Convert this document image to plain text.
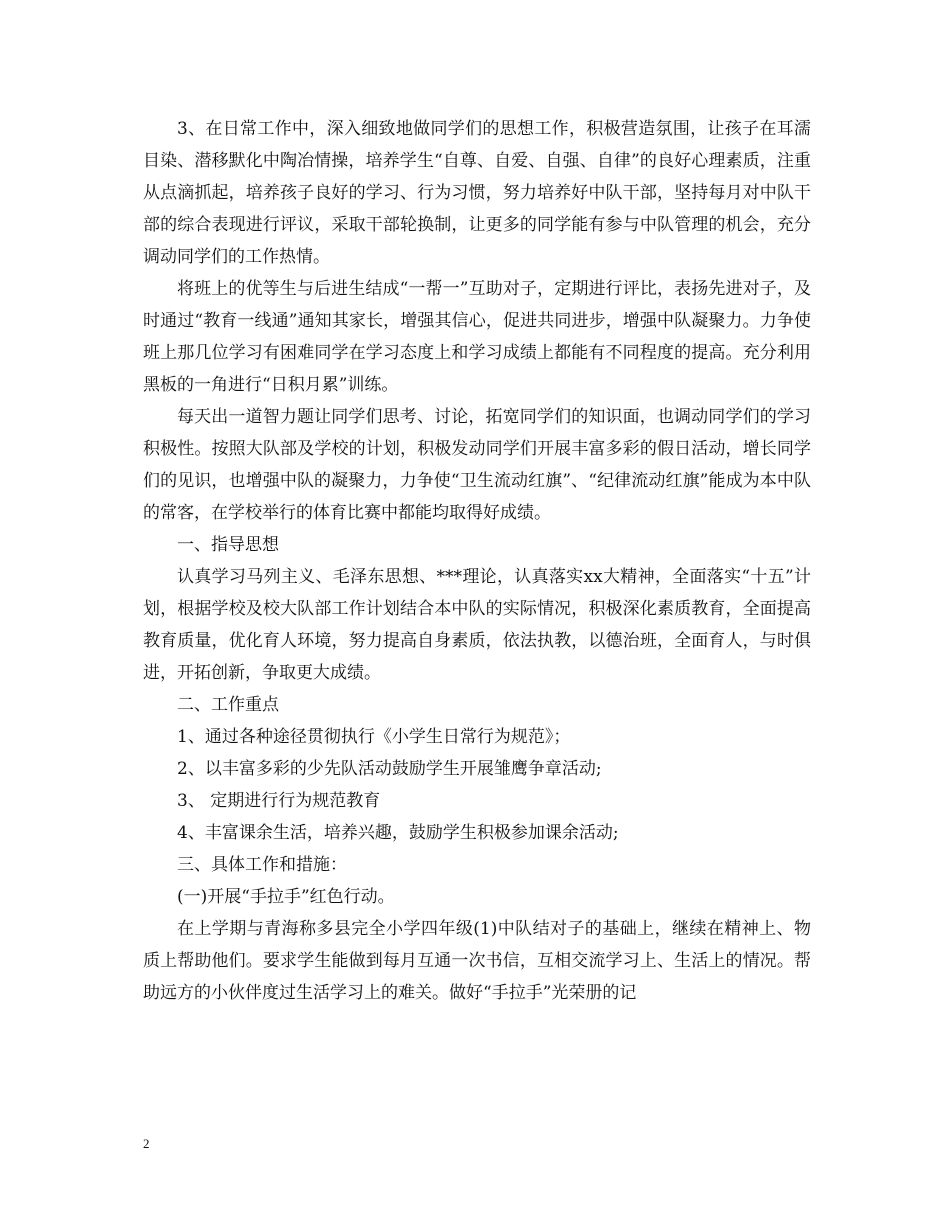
3、在日常工作中，深入细致地做同学们的思想工作，积极营造氛围，让孩子在耳濡目染、潜移默化中陶冶情操，培养学生“自尊、自爱、自强、自律”的良好心理素质，注重从点滴抓起，培养孩子良好的学习、行为习惯，努力培养好中队干部，坚持每月对中队干部的综合表现进行评议，采取干部轮换制，让更多的同学能有参与中队管理的机会，充分调动同学们的工作热情。

将班上的优等生与后进生结成“一帮一”互助对子，定期进行评比，表扬先进对子，及时通过“教育一线通”通知其家长，增强其信心，促进共同进步，增强中队凝聚力。力争使班上那几位学习有困难同学在学习态度上和学习成绩上都能有不同程度的提高。充分利用黑板的一角进行“日积月累”训练。

每天出一道智力题让同学们思考、讨论，拓宽同学们的知识面，也调动同学们的学习积极性。按照大队部及学校的计划，积极发动同学们开展丰富多彩的假日活动，增长同学们的见识，也增强中队的凝聚力，力争使“卫生流动红旗”、“纪律流动红旗”能成为本中队的常客，在学校举行的体育比赛中都能均取得好成绩。

一、指导思想

认真学习马列主义、毛泽东思想、***理论，认真落实xx大精神，全面落实“十五”计划，根据学校及校大队部工作计划结合本中队的实际情况，积极深化素质教育，全面提高教育质量，优化育人环境，努力提高自身素质，依法执教，以德治班，全面育人，与时俱进，开拓创新，争取更大成绩。

二、工作重点

1、通过各种途径贯彻执行《小学生日常行为规范》；

2、以丰富多彩的少先队活动鼓励学生开展雏鹰争章活动;

3、 定期进行行为规范教育

4、丰富课余生活，培养兴趣，鼓励学生积极参加课余活动;

三、具体工作和措施：

(一)开展“手拉手”红色行动。

在上学期与青海称多县完全小学四年级(1)中队结对子的基础上，继续在精神上、物质上帮助他们。要求学生能做到每月互通一次书信，互相交流学习上、生活上的情况。帮助远方的小伙伴度过生活学习上的难关。做好“手拉手”光荣册的记

2
